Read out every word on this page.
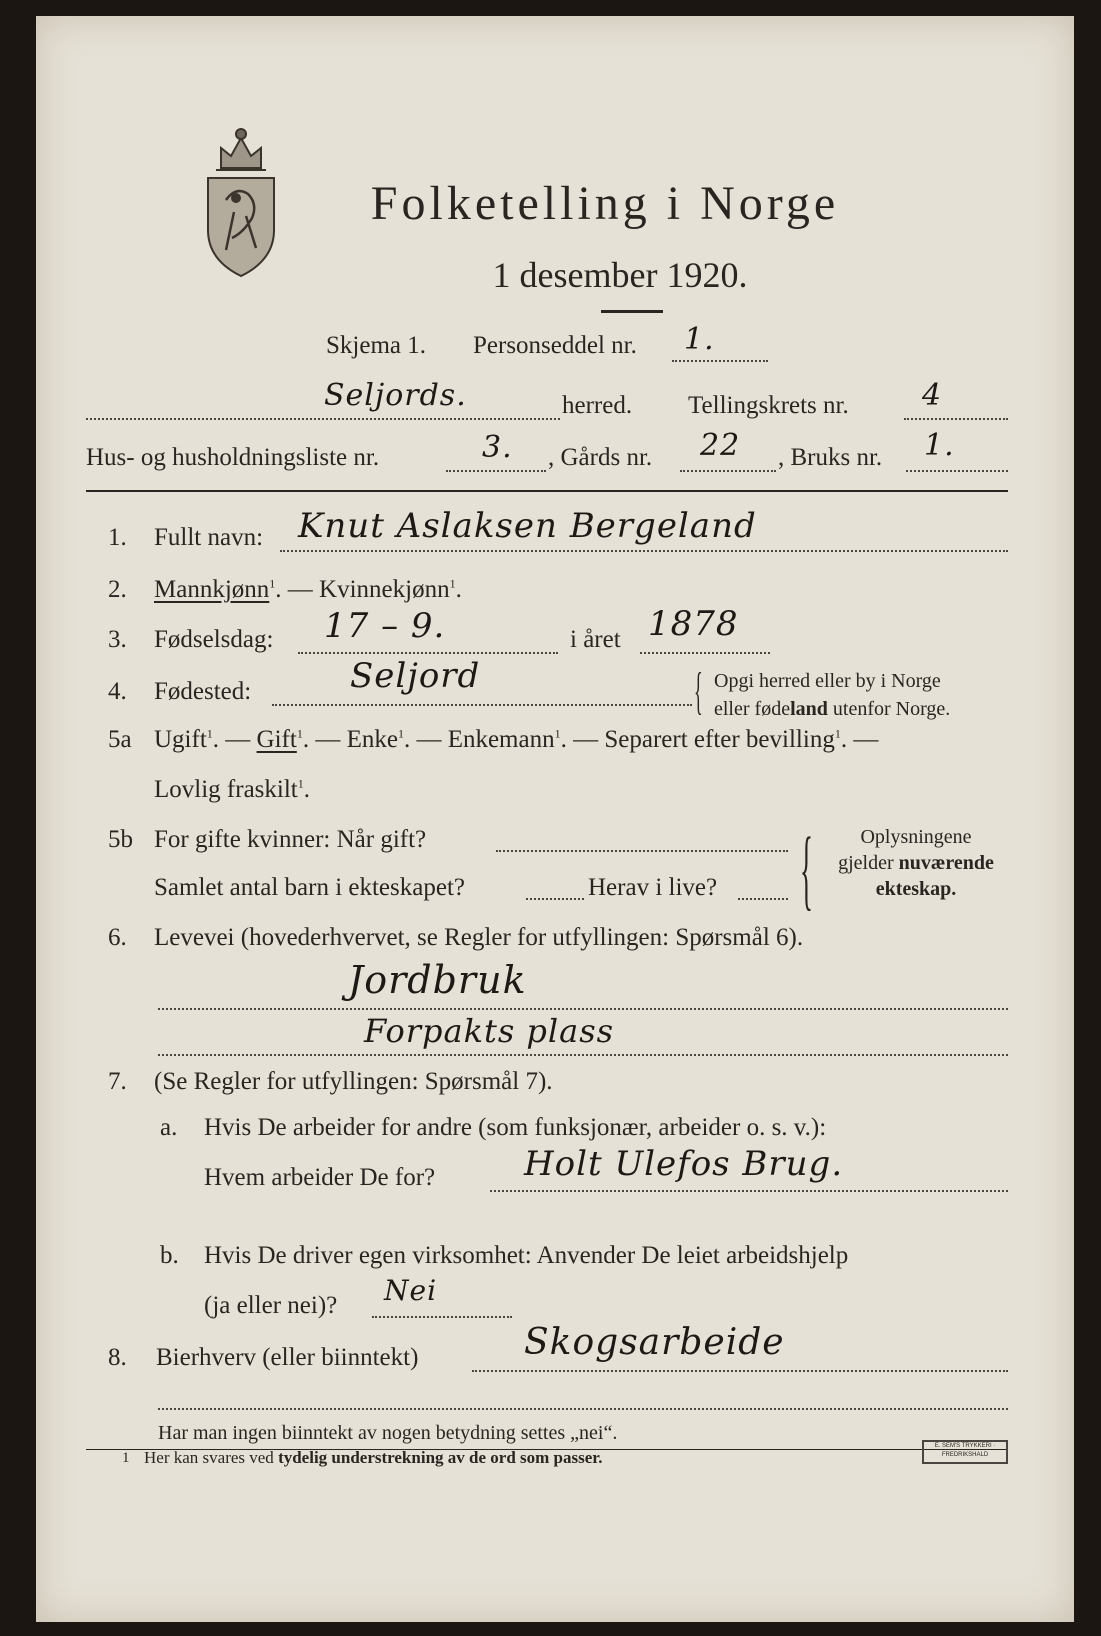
Folketelling i Norge
1 desember 1920.
Skjema 1. Personseddel nr. 1.
Seljords.	herred. Tellingskrets nr. 4
Hus- og husholdningsliste nr.	3. , Gårds nr. 22 , Bruks nr. 1.
1. Fullt navn: Knut Aslaksen Bergeland
2. Mannkjønn$^1$. — Kvinnekjønn$^1$.
3. Fødselsdag: 17 – 9.	i året 1878
4. Fødested:	Seljord	{ Opgi herred eller by i Norge
eller fødeland utenfor Norge.
5a Ugift$^1$. — Gift$^1$. — Enke$^1$. — Enkemann$^1$. — Separert efter bevilling$^1$. —
Lovlig fraskilt$^1$.
5b For gifte kvinner: Når gift?
Samlet antal barn i ekteskapet?	Herav i live? {	Oplysningene
gjelder nuværende
ekteskap.
6. Levevei (hovederhvervet, se Regler for utfyllingen: Spørsmål 6).
Jordbruk
Forpakts plass
7. (Se Regler for utfyllingen: Spørsmål 7).
a. Hvis De arbeider for andre (som funksjonær, arbeider o. s. v.):
Hvem arbeider De for?	Holt Ulefos Brug.
b. Hvis De driver egen virksomhet: Anvender De leiet arbeidshjelp
(ja eller nei)? Nei
8. Bierhverv (eller biinntekt)	Skogsarbeide
Har man ingen biinntekt av nogen betydning settes „nei“.
1 Her kan svares ved tydelig understrekning av de ord som passer.
E. SEM'S TRYKKERI · FREDRIKSHALD
